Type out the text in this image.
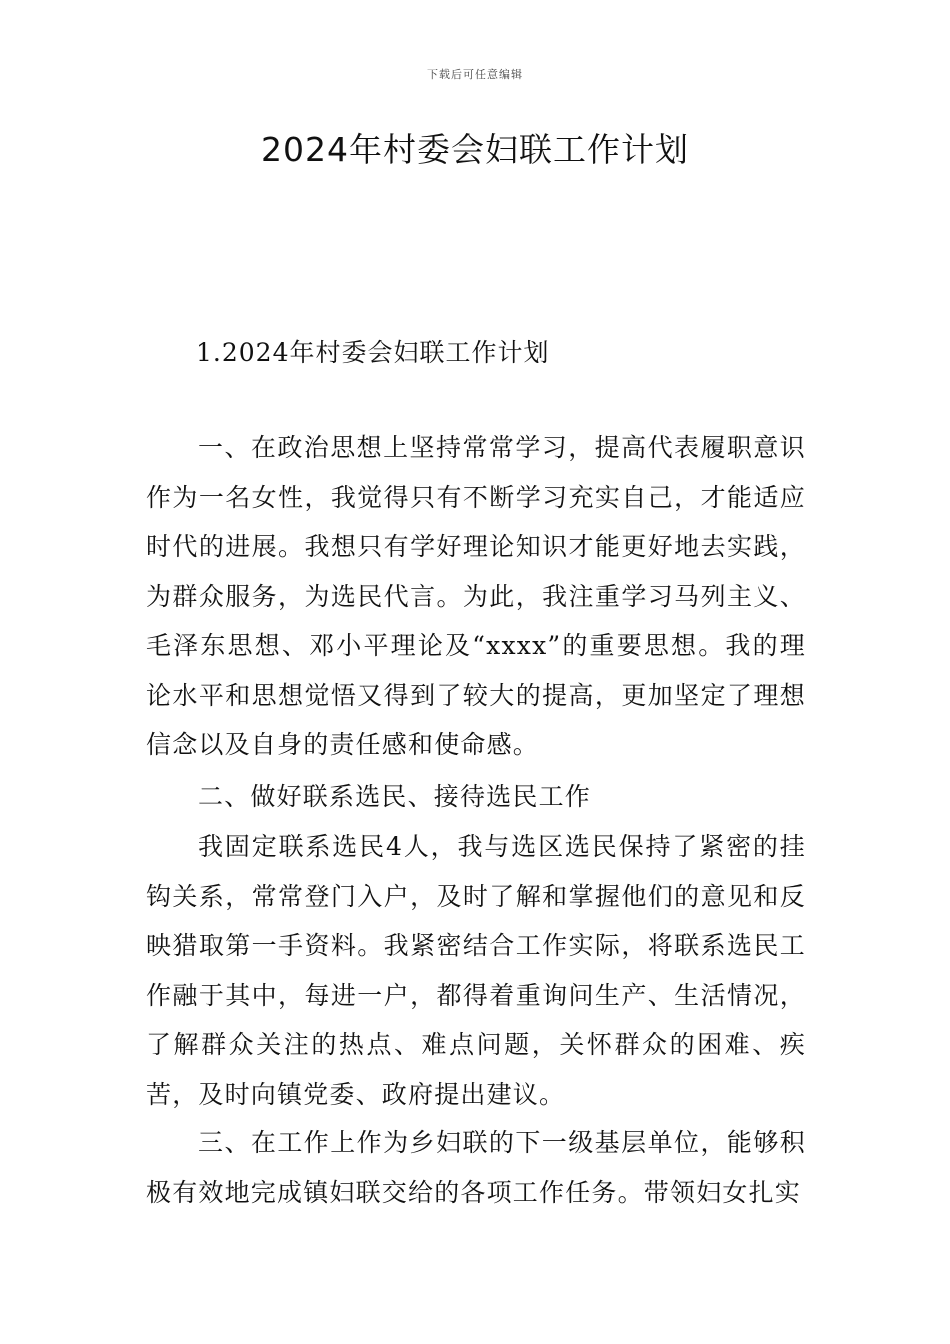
下载后可任意编辑
2024年村委会妇联工作计划
1.2024年村委会妇联工作计划

一、在政治思想上坚持常常学习，提高代表履职意识作为一名女性，我觉得只有不断学习充实自己，才能适应时代的进展。我想只有学好理论知识才能更好地去实践，为群众服务，为选民代言。为此，我注重学习马列主义、毛泽东思想、邓小平理论及“xxxx”的重要思想。我的理论水平和思想觉悟又得到了较大的提高，更加坚定了理想信念以及自身的责任感和使命感。

二、做好联系选民、接待选民工作

我固定联系选民4人，我与选区选民保持了紧密的挂钩关系，常常登门入户，及时了解和掌握他们的意见和反映猎取第一手资料。我紧密结合工作实际，将联系选民工作融于其中，每进一户，都得着重询问生产、生活情况，了解群众关注的热点、难点问题，关怀群众的困难、疾苦，及时向镇党委、政府提出建议。

三、在工作上作为乡妇联的下一级基层单位，能够积极有效地完成镇妇联交给的各项工作任务。带领妇女扎实
